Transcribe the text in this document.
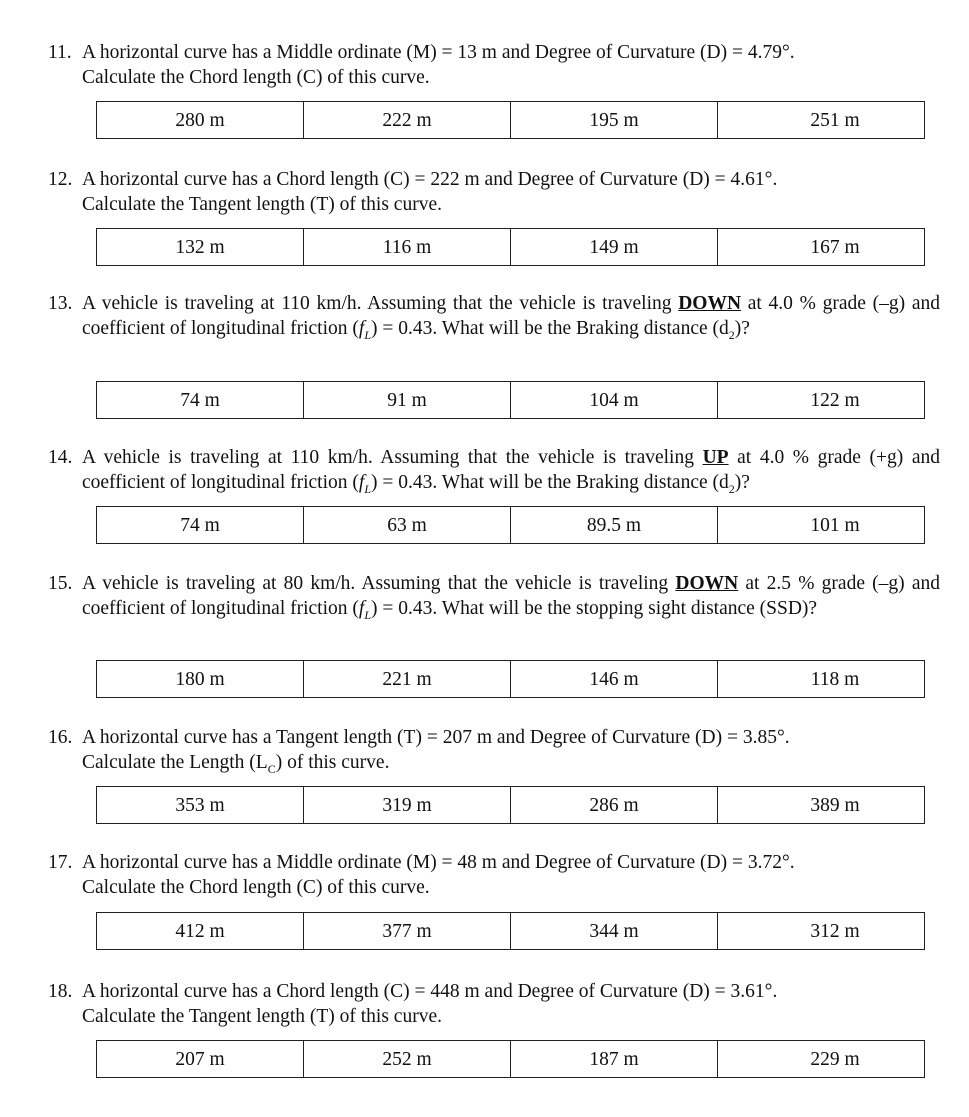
11. A horizontal curve has a Middle ordinate (M) = 13 m and Degree of Curvature (D) = 4.79°.
Calculate the Chord length (C) of this curve.

280 m	222 m	195 m	251 m

12. A horizontal curve has a Chord length (C) = 222 m and Degree of Curvature (D) = 4.61°.
Calculate the Tangent length (T) of this curve.

132 m	116 m	149 m	167 m

13. A vehicle is traveling at 110 km/h. Assuming that the vehicle is traveling DOWN at 4.0 % grade (–g) and coefficient of longitudinal friction $(f_L) = 0.43$. What will be the Braking distance $(d_2)$?

74 m	91 m	104 m	122 m

14. A vehicle is traveling at 110 km/h. Assuming that the vehicle is traveling UP at 4.0 % grade (+g) and coefficient of longitudinal friction $(f_L) = 0.43$. What will be the Braking distance $(d_2)$?

74 m	63 m	89.5 m	101 m

15. A vehicle is traveling at 80 km/h. Assuming that the vehicle is traveling DOWN at 2.5 % grade (–g) and coefficient of longitudinal friction $(f_L) = 0.43$. What will be the stopping sight distance (SSD)?

180 m	221 m	146 m	118 m

16. A horizontal curve has a Tangent length (T) = 207 m and Degree of Curvature (D) = 3.85°.
Calculate the Length $(L_C)$ of this curve.

353 m	319 m	286 m	389 m

17. A horizontal curve has a Middle ordinate (M) = 48 m and Degree of Curvature (D) = 3.72°.
Calculate the Chord length (C) of this curve.

412 m	377 m	344 m	312 m

18. A horizontal curve has a Chord length (C) = 448 m and Degree of Curvature (D) = 3.61°.
Calculate the Tangent length (T) of this curve.

207 m	252 m	187 m	229 m
